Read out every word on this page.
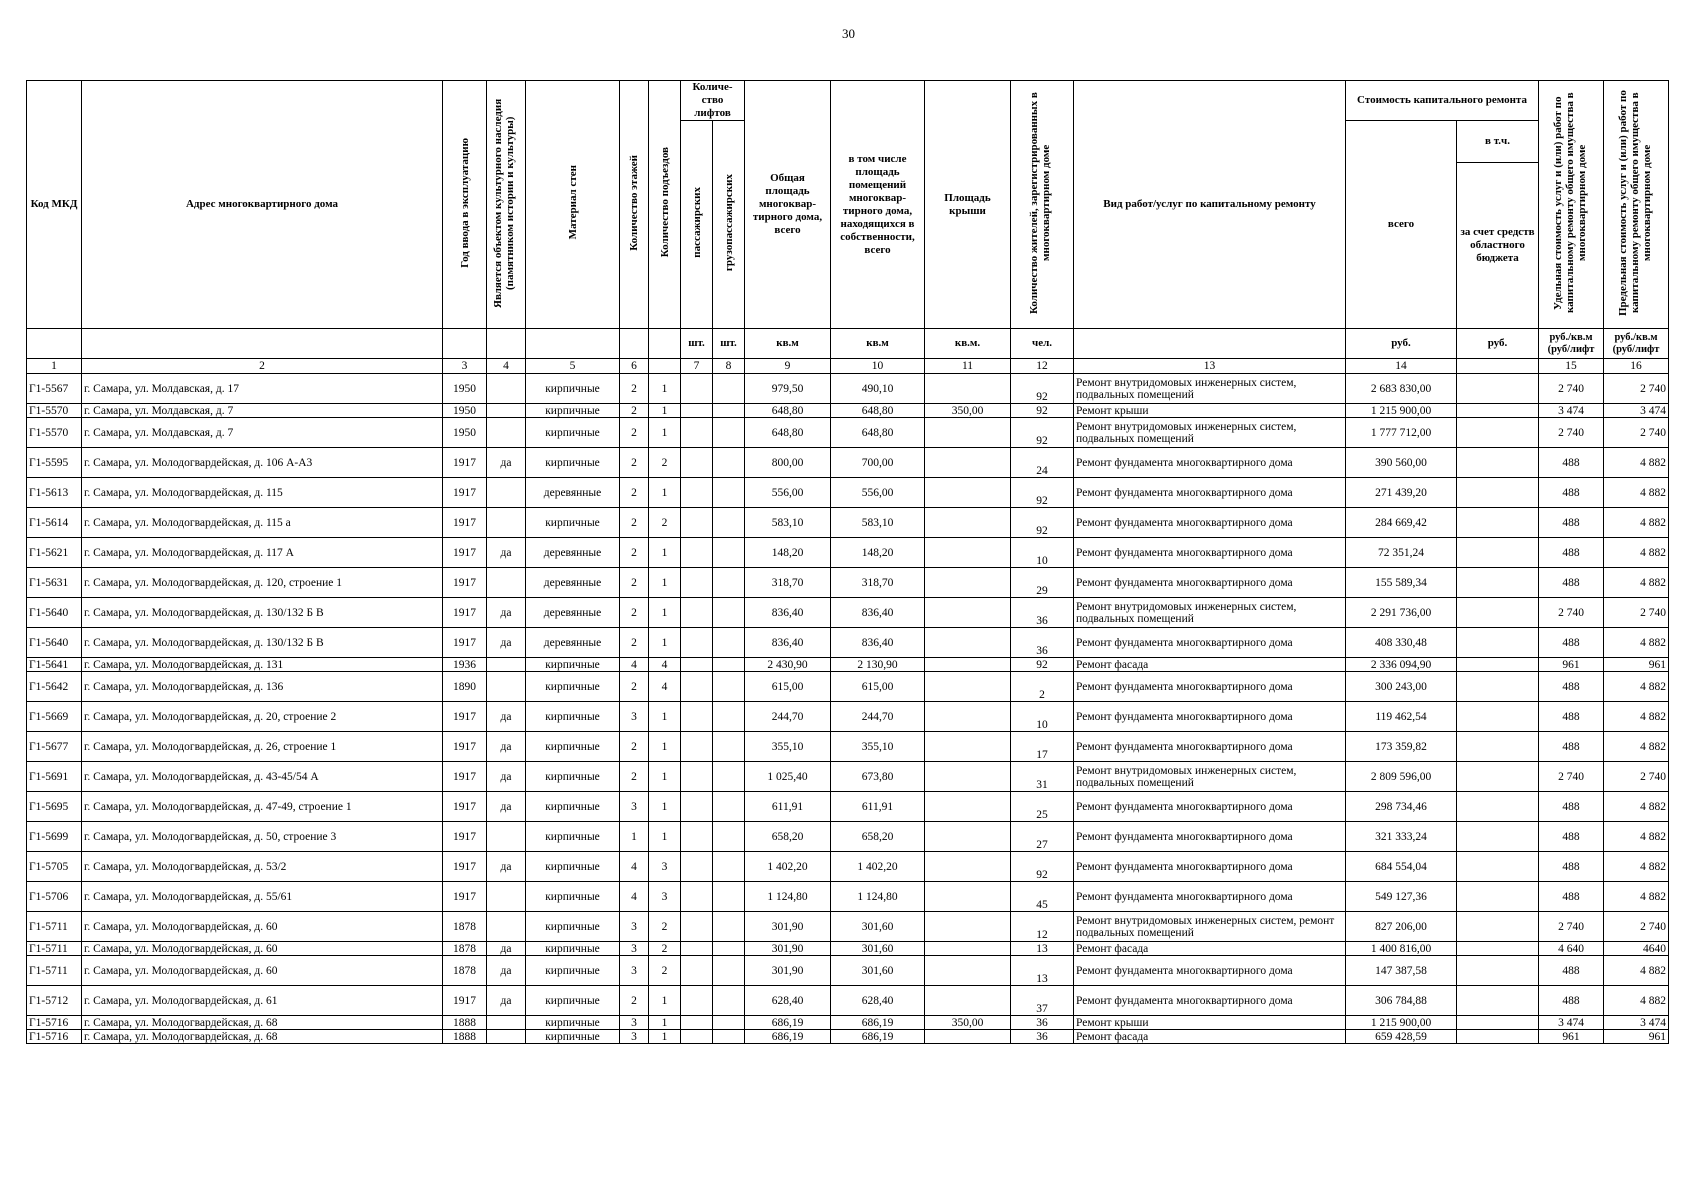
30
Код МКД	Адрес многоквартирного дома	Год ввода в эксплуатацию	Является объектом культурного наследия (памятником истории и культуры)	Материал стен	Количество этажей	Количество подъездов	Количе-ство лифтов		Общая площадь многоквар-тирного дома, всего	в том числе площадь помещений многоквар-тирного дома, находящихся в собственности, всего	Площадь крыши	Количество жителей, зарегистрированных в многоквартирном доме	Вид работ/услуг по капитальному ремонту	Стоимость капитального ремонта		Удельная стоимость услуг и (или) работ по капитальному ремонту общего имущества в многоквартирном доме	Предельная стоимость услуг и (или) работ по капитальному ремонту общего имущества в многоквартирном доме
							пассажирских	грузопассажирских						всего	в т.ч.		
															за счет средств областного бюджета		
							шт.	шт.	кв.м	кв.м	кв.м.	чел.		руб.	руб.	руб./кв.м (руб/лифт	руб./кв.м (руб/лифт
1	2	3	4	5	6		7	8	9	10	11	12	13	14		15	16
Г1-5567	г. Самара, ул. Молдавская, д. 17	1950		кирпичные	2	1			979,50	490,10		92	Ремонт внутридомовых инженерных систем, подвальных помещений	2 683 830,00		2 740	2 740
Г1-5570	г. Самара, ул. Молдавская, д. 7	1950		кирпичные	2	1			648,80	648,80	350,00	92	Ремонт крыши	1 215 900,00		3 474	3 474
Г1-5570	г. Самара, ул. Молдавская, д. 7	1950		кирпичные	2	1			648,80	648,80		92	Ремонт внутридомовых инженерных систем, подвальных помещений	1 777 712,00		2 740	2 740
Г1-5595	г. Самара, ул. Молодогвардейская, д. 106 А-А3	1917	да	кирпичные	2	2			800,00	700,00		24	Ремонт фундамента многоквартирного дома	390 560,00		488	4 882
Г1-5613	г. Самара, ул. Молодогвардейская, д. 115	1917		деревянные	2	1			556,00	556,00		92	Ремонт фундамента многоквартирного дома	271 439,20		488	4 882
Г1-5614	г. Самара, ул. Молодогвардейская, д. 115 а	1917		кирпичные	2	2			583,10	583,10		92	Ремонт фундамента многоквартирного дома	284 669,42		488	4 882
Г1-5621	г. Самара, ул. Молодогвардейская, д. 117 А	1917	да	деревянные	2	1			148,20	148,20		10	Ремонт фундамента многоквартирного дома	72 351,24		488	4 882
Г1-5631	г. Самара, ул. Молодогвардейская, д. 120, строение 1	1917		деревянные	2	1			318,70	318,70		29	Ремонт фундамента многоквартирного дома	155 589,34		488	4 882
Г1-5640	г. Самара, ул. Молодогвардейская, д. 130/132 Б В	1917	да	деревянные	2	1			836,40	836,40		36	Ремонт внутридомовых инженерных систем, подвальных помещений	2 291 736,00		2 740	2 740
Г1-5640	г. Самара, ул. Молодогвардейская, д. 130/132 Б В	1917	да	деревянные	2	1			836,40	836,40		36	Ремонт фундамента многоквартирного дома	408 330,48		488	4 882
Г1-5641	г. Самара, ул. Молодогвардейская, д. 131	1936		кирпичные	4	4			2 430,90	2 130,90		92	Ремонт фасада	2 336 094,90		961	961
Г1-5642	г. Самара, ул. Молодогвардейская, д. 136	1890		кирпичные	2	4			615,00	615,00		2	Ремонт фундамента многоквартирного дома	300 243,00		488	4 882
Г1-5669	г. Самара, ул. Молодогвардейская, д. 20, строение 2	1917	да	кирпичные	3	1			244,70	244,70		10	Ремонт фундамента многоквартирного дома	119 462,54		488	4 882
Г1-5677	г. Самара, ул. Молодогвардейская, д. 26, строение 1	1917	да	кирпичные	2	1			355,10	355,10		17	Ремонт фундамента многоквартирного дома	173 359,82		488	4 882
Г1-5691	г. Самара, ул. Молодогвардейская, д. 43-45/54 А	1917	да	кирпичные	2	1			1 025,40	673,80		31	Ремонт внутридомовых инженерных систем, подвальных помещений	2 809 596,00		2 740	2 740
Г1-5695	г. Самара, ул. Молодогвардейская, д. 47-49, строение 1	1917	да	кирпичные	3	1			611,91	611,91		25	Ремонт фундамента многоквартирного дома	298 734,46		488	4 882
Г1-5699	г. Самара, ул. Молодогвардейская, д. 50, строение 3	1917		кирпичные	1	1			658,20	658,20		27	Ремонт фундамента многоквартирного дома	321 333,24		488	4 882
Г1-5705	г. Самара, ул. Молодогвардейская, д. 53/2	1917	да	кирпичные	4	3			1 402,20	1 402,20		92	Ремонт фундамента многоквартирного дома	684 554,04		488	4 882
Г1-5706	г. Самара, ул. Молодогвардейская, д. 55/61	1917		кирпичные	4	3			1 124,80	1 124,80		45	Ремонт фундамента многоквартирного дома	549 127,36		488	4 882
Г1-5711	г. Самара, ул. Молодогвардейская, д. 60	1878		кирпичные	3	2			301,90	301,60		12	Ремонт внутридомовых инженерных систем, ремонт подвальных помещений	827 206,00		2 740	2 740
Г1-5711	г. Самара, ул. Молодогвардейская, д. 60	1878	да	кирпичные	3	2			301,90	301,60		13	Ремонт фасада	1 400 816,00		4 640	4640
Г1-5711	г. Самара, ул. Молодогвардейская, д. 60	1878	да	кирпичные	3	2			301,90	301,60		13	Ремонт фундамента многоквартирного дома	147 387,58		488	4 882
Г1-5712	г. Самара, ул. Молодогвардейская, д. 61	1917	да	кирпичные	2	1			628,40	628,40		37	Ремонт фундамента многоквартирного дома	306 784,88		488	4 882
Г1-5716	г. Самара, ул. Молодогвардейская, д. 68	1888		кирпичные	3	1			686,19	686,19	350,00	36	Ремонт крыши	1 215 900,00		3 474	3 474
Г1-5716	г. Самара, ул. Молодогвардейская, д. 68	1888		кирпичные	3	1			686,19	686,19		36	Ремонт фасада	659 428,59		961	961
